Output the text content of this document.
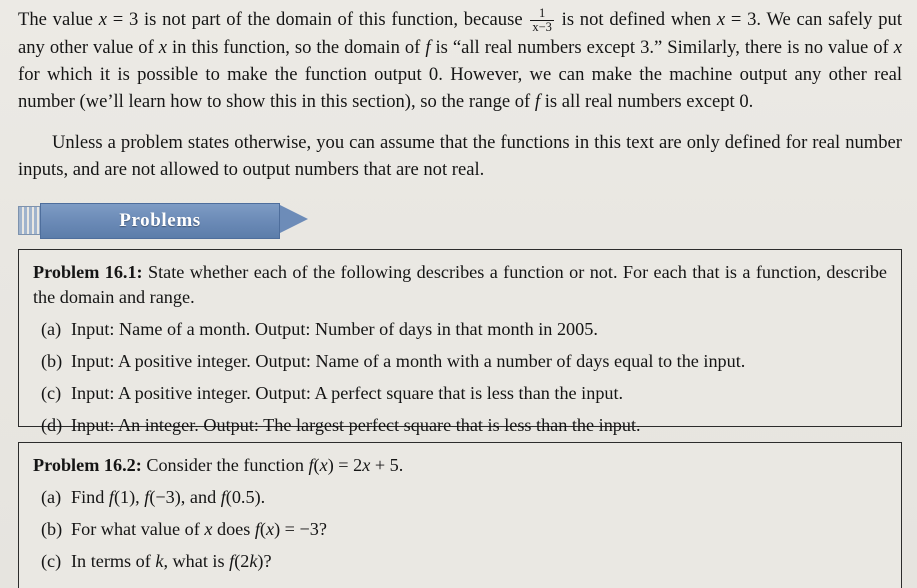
The value x = 3 is not part of the domain of this function, because $\frac{1}{x-3}$ is not defined when x = 3. We can safely put any other value of x in this function, so the domain of f is “all real numbers except 3.” Similarly, there is no value of x for which it is possible to make the function output 0. However, we can make the machine output any other real number (we’ll learn how to show this in this section), so the range of f is all real numbers except 0.

Unless a problem states otherwise, you can assume that the functions in this text are only defined for real number inputs, and are not allowed to output numbers that are not real.

Problems

Problem 16.1: State whether each of the following describes a function or not. For each that is a function, describe the domain and range.

(a) Input: Name of a month. Output: Number of days in that month in 2005.
(b) Input: A positive integer. Output: Name of a month with a number of days equal to the input.
(c) Input: A positive integer. Output: A perfect square that is less than the input.
(d) Input: An integer. Output: The largest perfect square that is less than the input.

Problem 16.2: Consider the function f(x) = 2x + 5.

(a) Find f(1), f(−3), and f(0.5).
(b) For what value of x does f(x) = −3?
(c) In terms of k, what is f(2k)?
